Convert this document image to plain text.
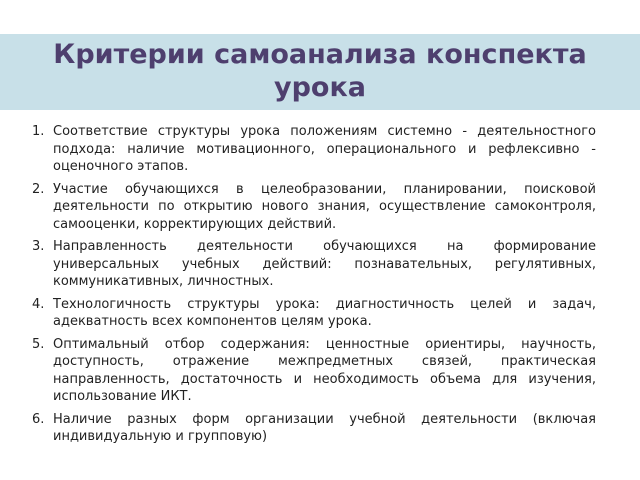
Критерии самоанализа конспекта урока
1. Соответствие структуры урока положениям системно - деятельностного подхода: наличие мотивационного, операционального и рефлексивно - оценочного этапов.
2. Участие обучающихся в целеобразовании, планировании, поисковой деятельности по открытию нового знания, осуществление самоконтроля, самооценки, корректирующих действий.
3. Направленность деятельности обучающихся на формирование универсальных учебных действий: познавательных, регулятивных, коммуникативных, личностных.
4. Технологичность структуры урока: диагностичность целей и задач, адекватность всех компонентов целям урока.
5. Оптимальный отбор содержания: ценностные ориентиры, научность, доступность, отражение межпредметных связей, практическая направленность, достаточность и необходимость объема для изучения, использование ИКТ.
6. Наличие разных форм организации учебной деятельности (включая индивидуальную и групповую)
